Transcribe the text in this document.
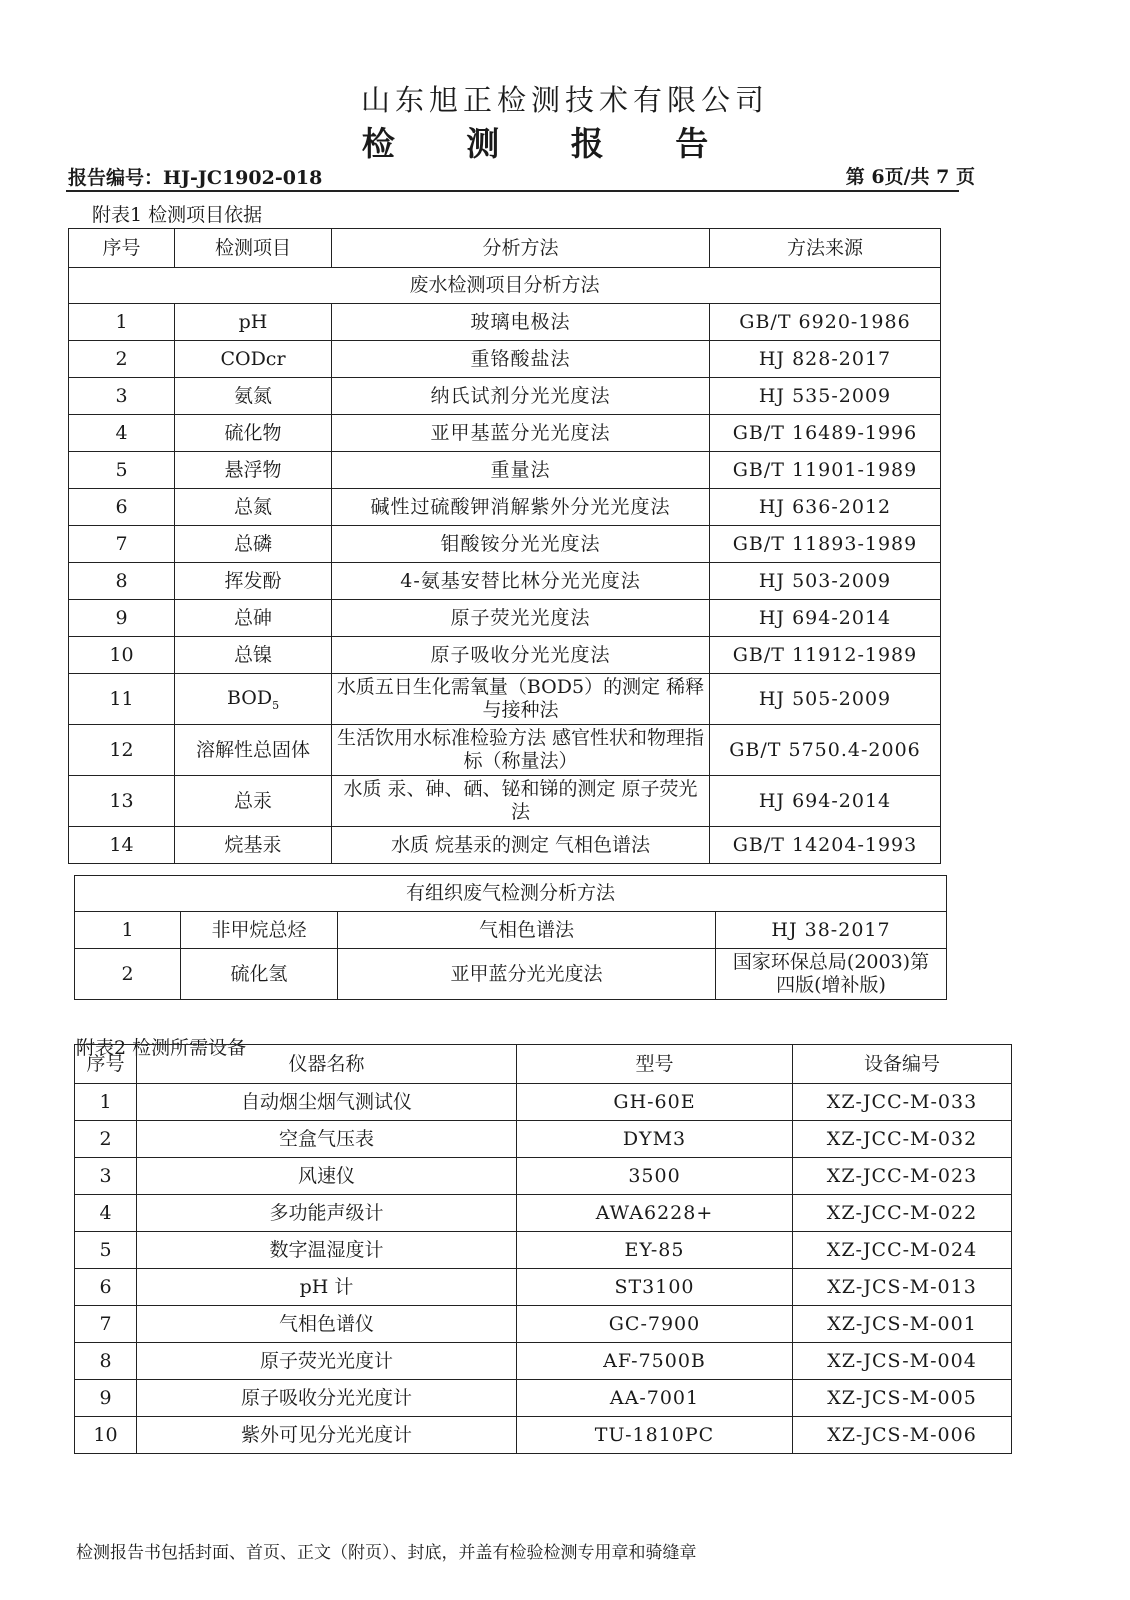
山东旭正检测技术有限公司
检 测 报 告
报告编号：HJ-JC1902-018	第 6页/共 7 页
附表1 检测项目依据
序号	检测项目	分析方法	方法来源
废水检测项目分析方法			
1	pH	玻璃电极法	GB/T 6920-1986
2	CODcr	重铬酸盐法	HJ 828-2017
3	氨氮	纳氏试剂分光光度法	HJ 535-2009
4	硫化物	亚甲基蓝分光光度法	GB/T 16489-1996
5	悬浮物	重量法	GB/T 11901-1989
6	总氮	碱性过硫酸钾消解紫外分光光度法	HJ 636-2012
7	总磷	钼酸铵分光光度法	GB/T 11893-1989
8	挥发酚	4-氨基安替比林分光光度法	HJ 503-2009
9	总砷	原子荧光光度法	HJ 694-2014
10	总镍	原子吸收分光光度法	GB/T 11912-1989
11	$BOD_5$	水质五日生化需氧量（BOD5）的测定 稀释与接种法	HJ 505-2009
12	溶解性总固体	生活饮用水标准检验方法 感官性状和物理指标（称量法）	GB/T 5750.4-2006
13	总汞	水质 汞、砷、硒、铋和锑的测定 原子荧光法	HJ 694-2014
14	烷基汞	水质 烷基汞的测定 气相色谱法	GB/T 14204-1993
有组织废气检测分析方法			
1	非甲烷总烃	气相色谱法	HJ 38-2017
2	硫化氢	亚甲蓝分光光度法	国家环保总局(2003)第四版(增补版)
附表2 检测所需设备
序号	仪器名称	型号	设备编号
1	自动烟尘烟气测试仪	GH-60E	XZ-JCC-M-033
2	空盒气压表	DYM3	XZ-JCC-M-032
3	风速仪	3500	XZ-JCC-M-023
4	多功能声级计	AWA6228+	XZ-JCC-M-022
5	数字温湿度计	EY-85	XZ-JCC-M-024
6	pH 计	ST3100	XZ-JCS-M-013
7	气相色谱仪	GC-7900	XZ-JCS-M-001
8	原子荧光光度计	AF-7500B	XZ-JCS-M-004
9	原子吸收分光光度计	AA-7001	XZ-JCS-M-005
10	紫外可见分光光度计	TU-1810PC	XZ-JCS-M-006
检测报告书包括封面、首页、正文（附页）、封底，并盖有检验检测专用章和骑缝章
